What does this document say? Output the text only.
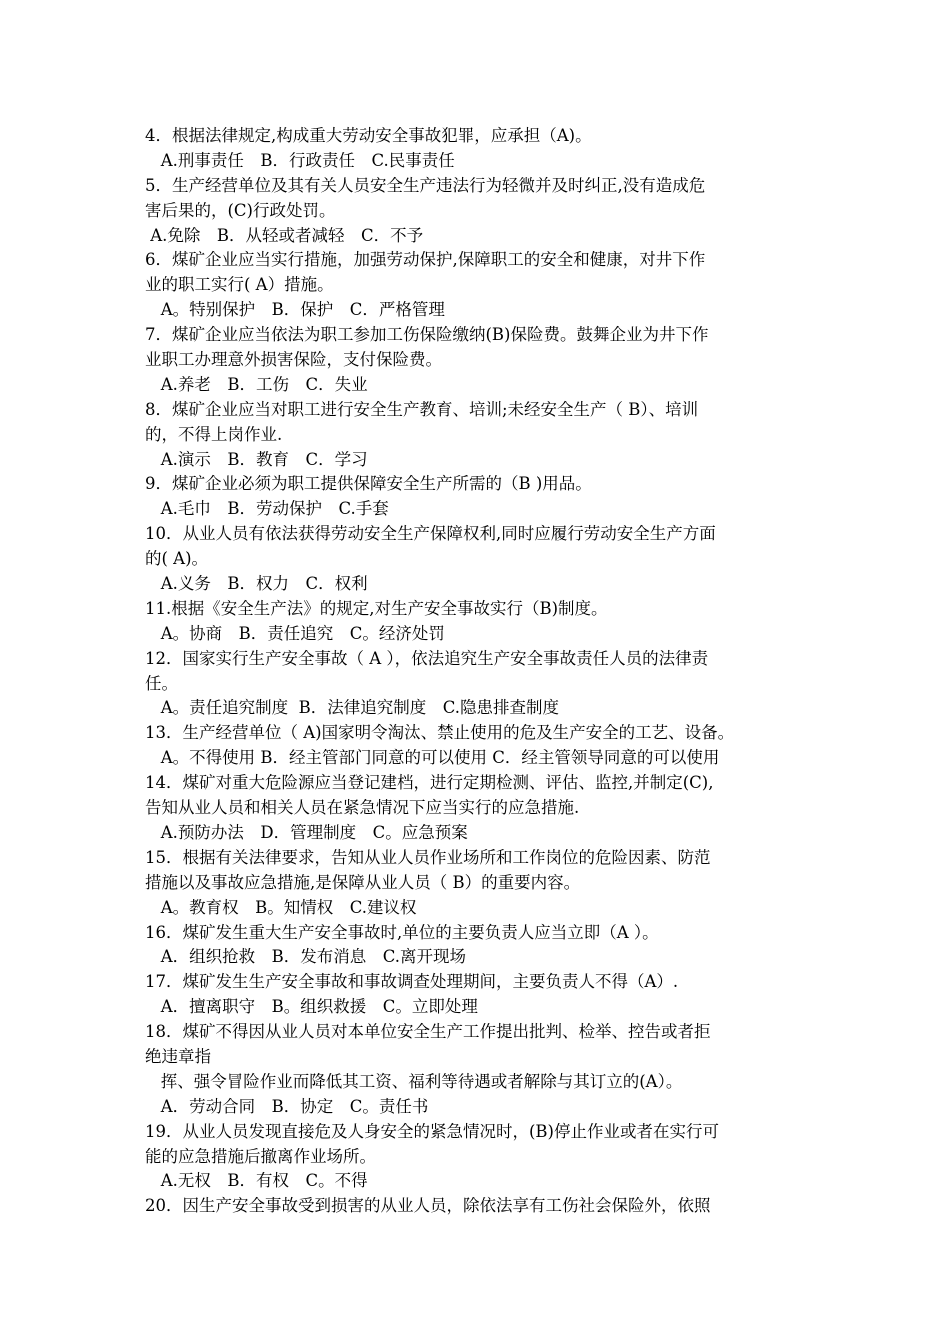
4．根据法律规定,构成重大劳动安全事故犯罪，应承担（A)。
A.刑事责任　B．行政责任　C.民事责任
5．生产经营单位及其有关人员安全生产违法行为轻微并及时纠正,没有造成危
害后果的，(C)行政处罚。
A.免除　B．从轻或者减轻　C．不予
6．煤矿企业应当实行措施，加强劳动保护,保障职工的安全和健康，对井下作
业的职工实行( A）措施。
A。特别保护　B．保护　C．严格管理
7．煤矿企业应当依法为职工参加工伤保险缴纳(B)保险费。鼓舞企业为井下作
业职工办理意外损害保险，支付保险费。
A.养老　B．工伤　C．失业
8．煤矿企业应当对职工进行安全生产教育、培训;未经安全生产（ B）、培训
的，不得上岗作业.
A.演示　B．教育　C．学习
9．煤矿企业必须为职工提供保障安全生产所需的（B )用品。
A.毛巾　B．劳动保护　C.手套
10．从业人员有依法获得劳动安全生产保障权利,同时应履行劳动安全生产方面
的( A)。
A.义务　B．权力　C．权利
11.根据《安全生产法》的规定,对生产安全事故实行（B)制度。
A。协商　B．责任追究　C。经济处罚
12．国家实行生产安全事故（ A ），依法追究生产安全事故责任人员的法律责
任。
A。责任追究制度  B．法律追究制度　C.隐患排查制度
13．生产经营单位（ A)国家明令淘汰、禁止使用的危及生产安全的工艺、设备。
A。不得使用 B．经主管部门同意的可以使用 C．经主管领导同意的可以使用
14．煤矿对重大危险源应当登记建档，进行定期检测、评估、监控,并制定(C),
告知从业人员和相关人员在紧急情况下应当实行的应急措施.
A.预防办法　D．管理制度　C。应急预案
15．根据有关法律要求，告知从业人员作业场所和工作岗位的危险因素、防范
措施以及事故应急措施,是保障从业人员（ B）的重要内容。
A。教育权　B。知情权　C.建议权
16．煤矿发生重大生产安全事故时,单位的主要负责人应当立即（A ）。
A．组织抢救　B．发布消息　C.离开现场
17．煤矿发生生产安全事故和事故调查处理期间，主要负责人不得（A）.
A．擅离职守　B。组织救援　C。立即处理
18．煤矿不得因从业人员对本单位安全生产工作提出批判、检举、控告或者拒
绝违章指
挥、强令冒险作业而降低其工资、福利等待遇或者解除与其订立的(A）。
A．劳动合同　B．协定　C。责任书
19．从业人员发现直接危及人身安全的紧急情况时，(B)停止作业或者在实行可
能的应急措施后撤离作业场所。
A.无权　B．有权　C。不得
20．因生产安全事故受到损害的从业人员，除依法享有工伤社会保险外，依照
